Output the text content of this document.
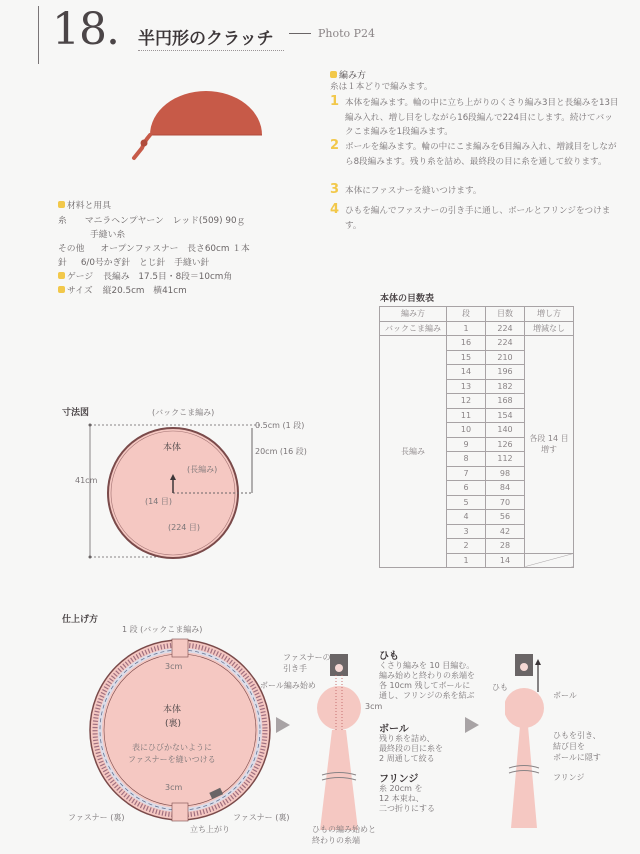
18. 半円形のクラッチ	Photo P24
編み方
糸は１本どりで編みます。
1 本体を編みます。輪の中に立ち上がりのくさり編み3目と長編みを13目編み入れ、増し目をしながら16段編んで224目にします。続けてバックこま編みを1段編みます。
2 ボールを編みます。輪の中にこま編みを6目編み入れ、増減目をしながら8段編みます。残り糸を詰め、最終段の目に糸を通して絞ります。
3 本体にファスナーを縫いつけます。
4 ひもを編んでファスナーの引き手に通し、ボールとフリンジをつけます。
材料と用具
糸 マニラヘンプヤーン　レッド(509) 90ｇ
手縫い糸
その他 オープンファスナー　長さ60cm １本
針 6/0号かぎ針　とじ針　手縫い針
ゲージ 長編み　17.5目・8段＝10cm角
サイズ 縦20.5cm　横41cm
本体の目数表
編み方	段	目数	増し方
バックこま編み	1	224	増減なし
長編み	16	224	各段 14 目 増す
	15	210	
	14	196	
	13	182	
	12	168	
	11	154	
	10	140	
	9	126	
	8	112	
	7	98	
	6	84	
	5	70	
	4	56	
	3	42	
	2	28	
	1	14	
寸法図	(バックこま編み)
0.5cm (1 段)
20cm (16 段)
41cm
本体
(長編み)
(14 目)
(224 目)
仕上げ方
1 段 (バックこま編み)
3cm
本体
(裏)
表にひびかないように
ファスナーを縫いつける
3cm
ファスナー (裏)	ファスナー (裏)
立ち上がり
ファスナーの
引き手
ボール編み始め
3cm
ひも
くさり編みを 10 目編む。
編み始めと終わりの糸端を
各 10cm 残してボールに
通し、フリンジの糸を結ぶ
ボール
残り糸を詰め、
最終段の目に糸を
2 周通して絞る
フリンジ
糸 20cm を
12 本束ね、
二つ折りにする
ひもの編み始めと
終わりの糸端
ひも
ボール
ひもを引き、
結び目を
ボールに隠す
フリンジ
